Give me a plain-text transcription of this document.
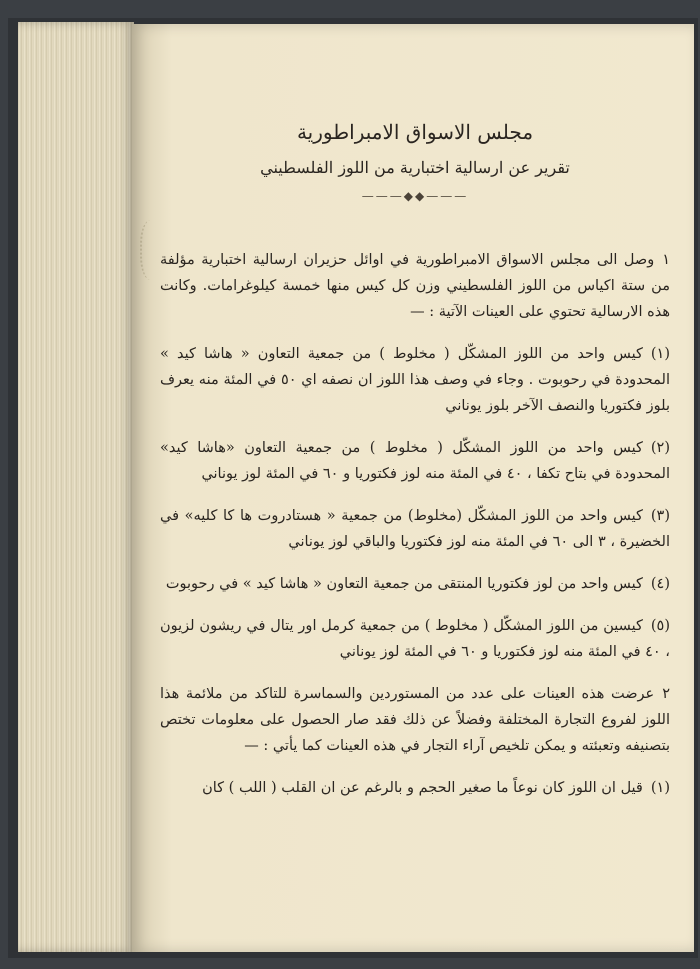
مجلس الاسواق الامبراطورية
تقرير عن ارسالية اختبارية من اللوز الفلسطيني
———◆◆———

١وصل الى مجلس الاسواق الامبراطورية في اوائل حزيران ارسالية اختبارية مؤلفة من ستة اكياس من اللوز الفلسطيني وزن كل كيس منها خمسة كيلوغرامات. وكانت هذه الارسالية تحتوي على العينات الآتية : —

(١)كيس واحد من اللوز المشكّل ( مخلوط ) من جمعية التعاون « هاشا كيد » المحدودة في رحوبوت . وجاء في وصف هذا اللوز ان نصفه اي ٥٠ في المئة منه يعرف بلوز فكتوريا والنصف الآخر بلوز يوناني

(٢)كيس واحد من اللوز المشكّل ( مخلوط ) من جمعية التعاون «هاشا كيد» المحدودة في بتاح تكفا ، ٤٠ في المئة منه لوز فكتوريا و ٦٠ في المئة لوز يوناني

(٣)كيس واحد من اللوز المشكّل (مخلوط) من جمعية « هستادروت ها كا كليه» في الخضيرة ، ٣ الى ٦٠ في المئة منه لوز فكتوريا والباقي لوز يوناني

(٤)كيس واحد من لوز فكتوريا المنتقى من جمعية التعاون « هاشا كيد » في رحوبوت

(٥)كيسين من اللوز المشكّل ( مخلوط ) من جمعية كرمل اور يتال في ريشون لزيون ، ٤٠ في المئة منه لوز فكتوريا و ٦٠ في المئة لوز يوناني

٢عرضت هذه العينات على عدد من المستوردين والسماسرة للتاكد من ملائمة هذا اللوز لفروع التجارة المختلفة وفضلاً عن ذلك فقد صار الحصول على معلومات تختص بتصنيفه وتعبئته و يمكن تلخيص آراء التجار في هذه العينات كما يأتي : —

(١)قيل ان اللوز كان نوعاً ما صغير الحجم و بالرغم عن ان القلب ( اللب ) كان
